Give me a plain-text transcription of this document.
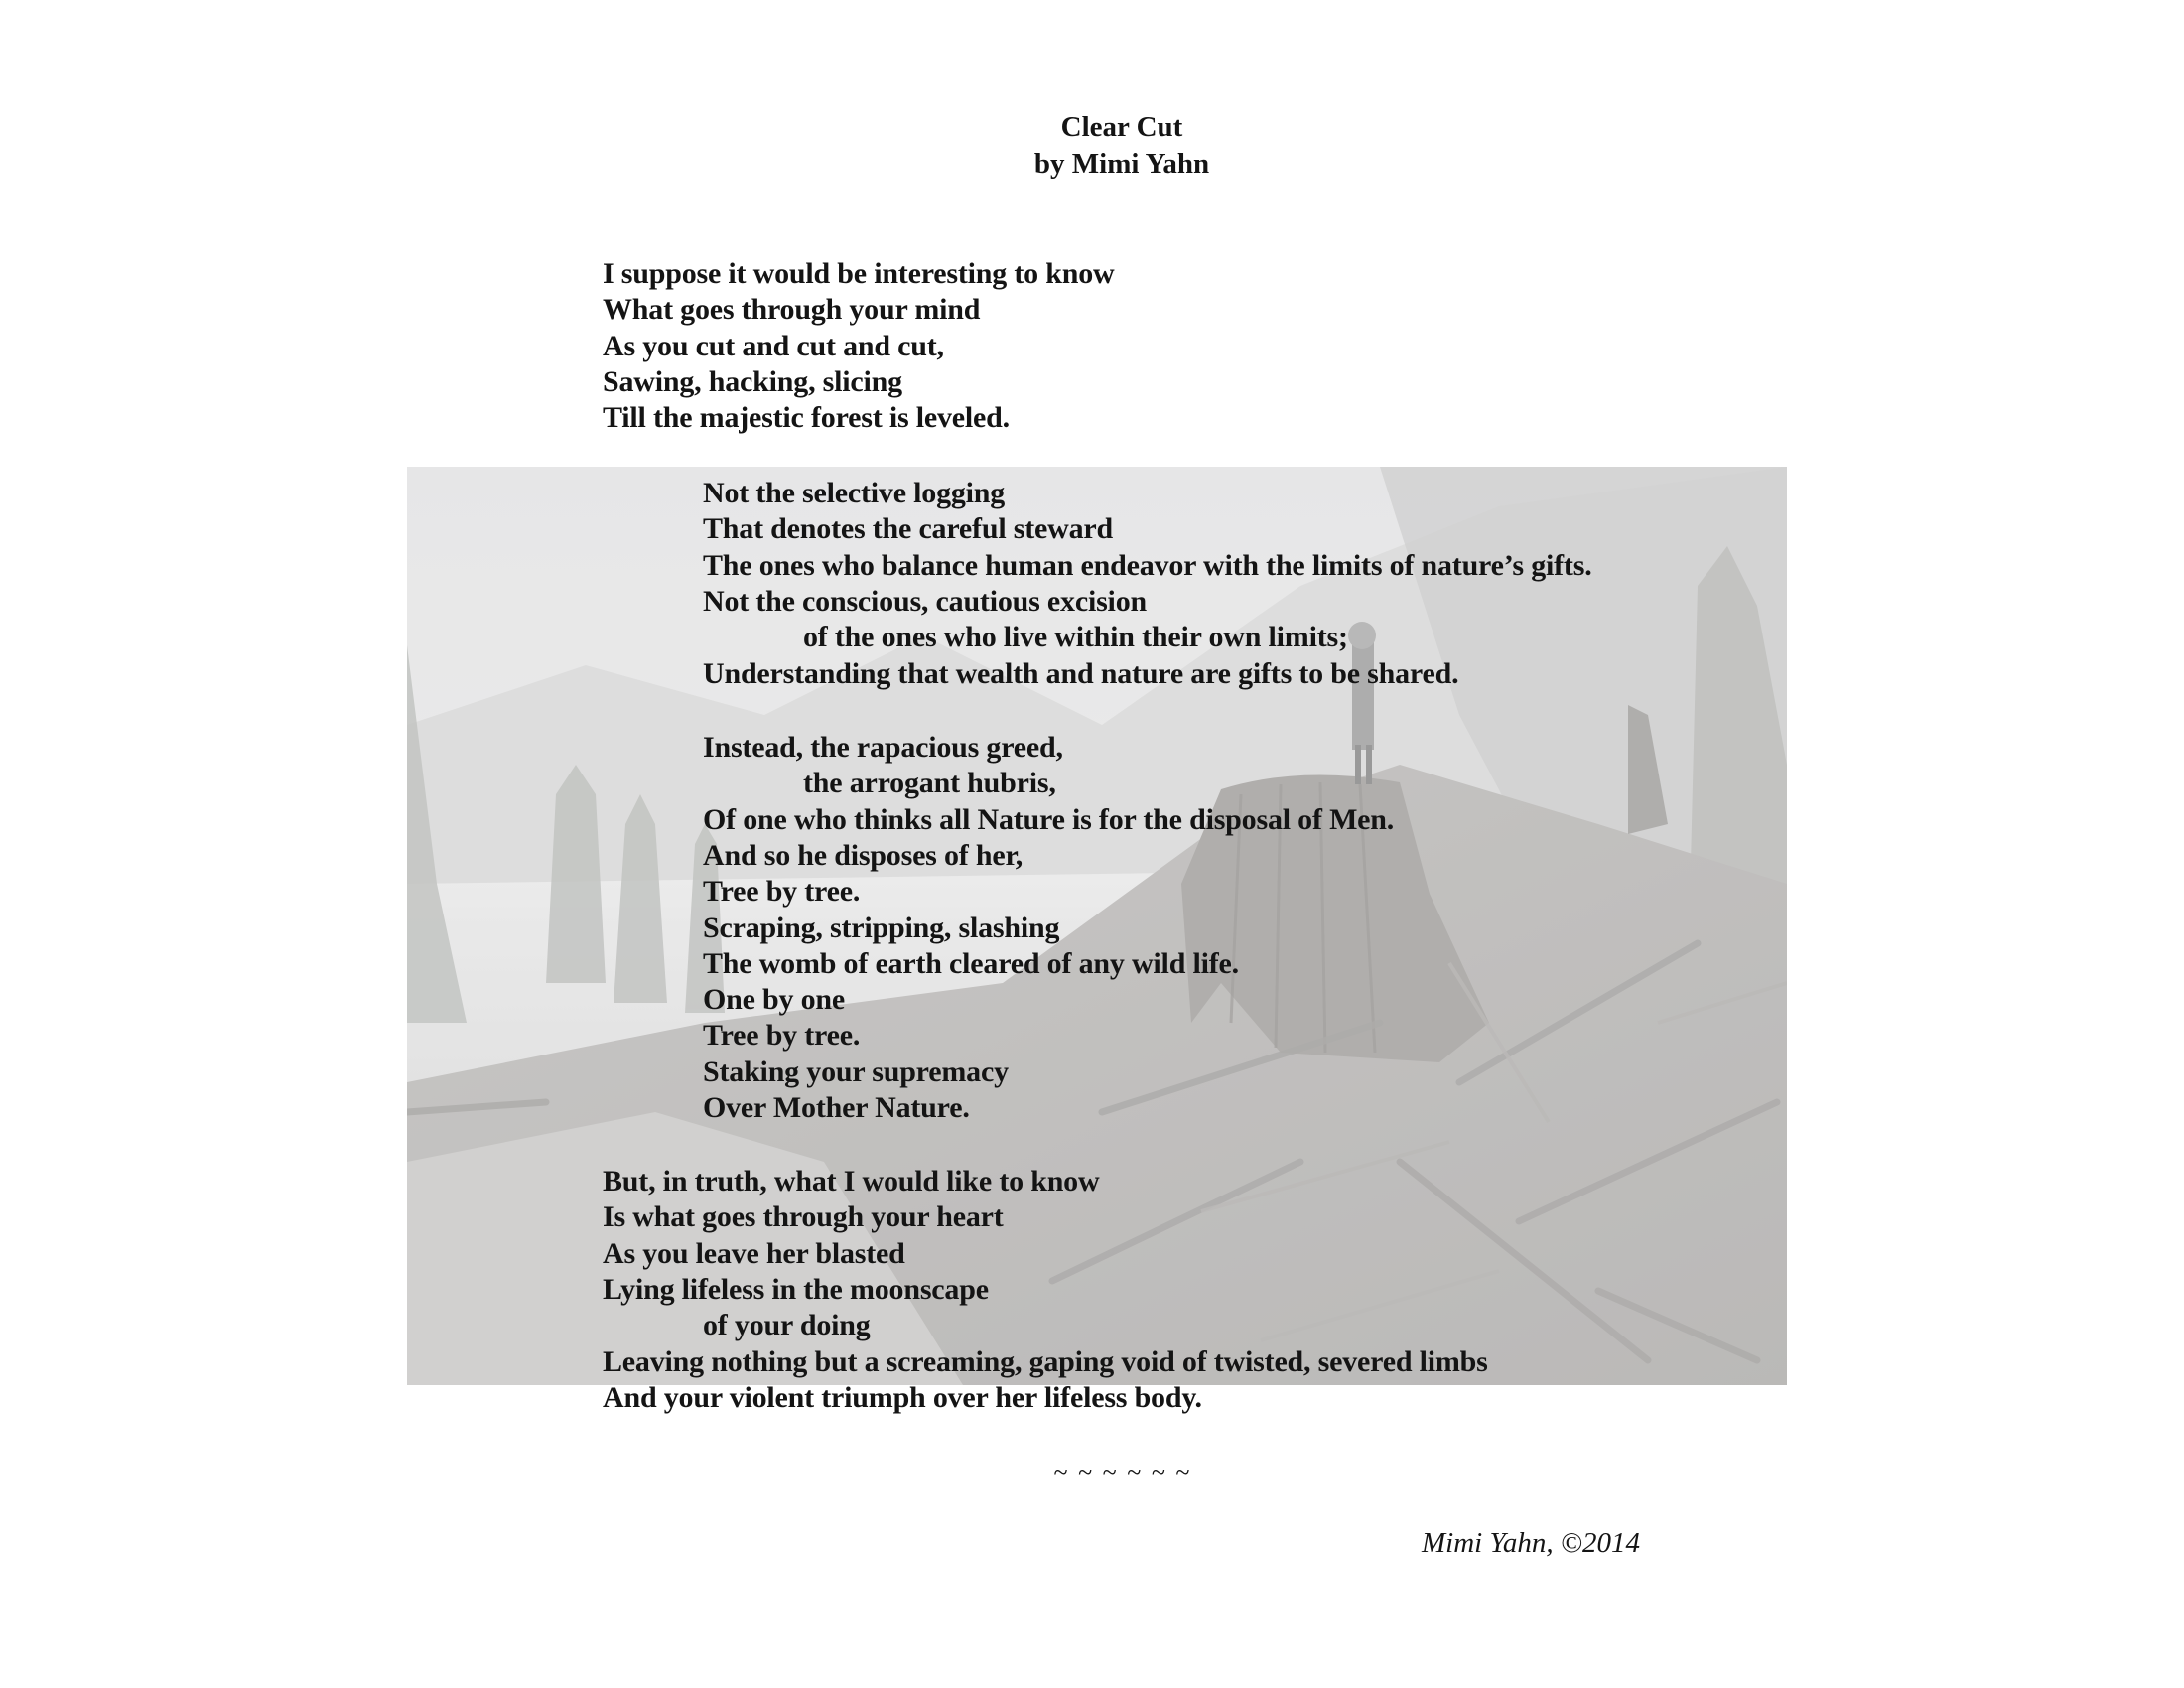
Clear Cut
by Mimi Yahn
I suppose it would be interesting to know
What goes through your mind
As you cut and cut and cut,
Sawing, hacking, slicing
Till the majestic forest is leveled.
Not the selective logging
That denotes the careful steward
The ones who balance human endeavor with the limits of nature’s gifts.
Not the conscious, cautious excision
of the ones who live within their own limits;
Understanding that wealth and nature are gifts to be shared.
Instead, the rapacious greed,
the arrogant hubris,
Of one who thinks all Nature is for the disposal of Men.
And so he disposes of her,
Tree by tree.
Scraping, stripping, slashing
The womb of earth cleared of any wild life.
One by one
Tree by tree.
Staking your supremacy
Over Mother Nature.
But, in truth, what I would like to know
Is what goes through your heart
As you leave her blasted
Lying lifeless in the moonscape
of your doing
Leaving nothing but a screaming, gaping void of twisted, severed limbs
And your violent triumph over her lifeless body.
~ ~ ~ ~ ~ ~
Mimi Yahn, ©2014
